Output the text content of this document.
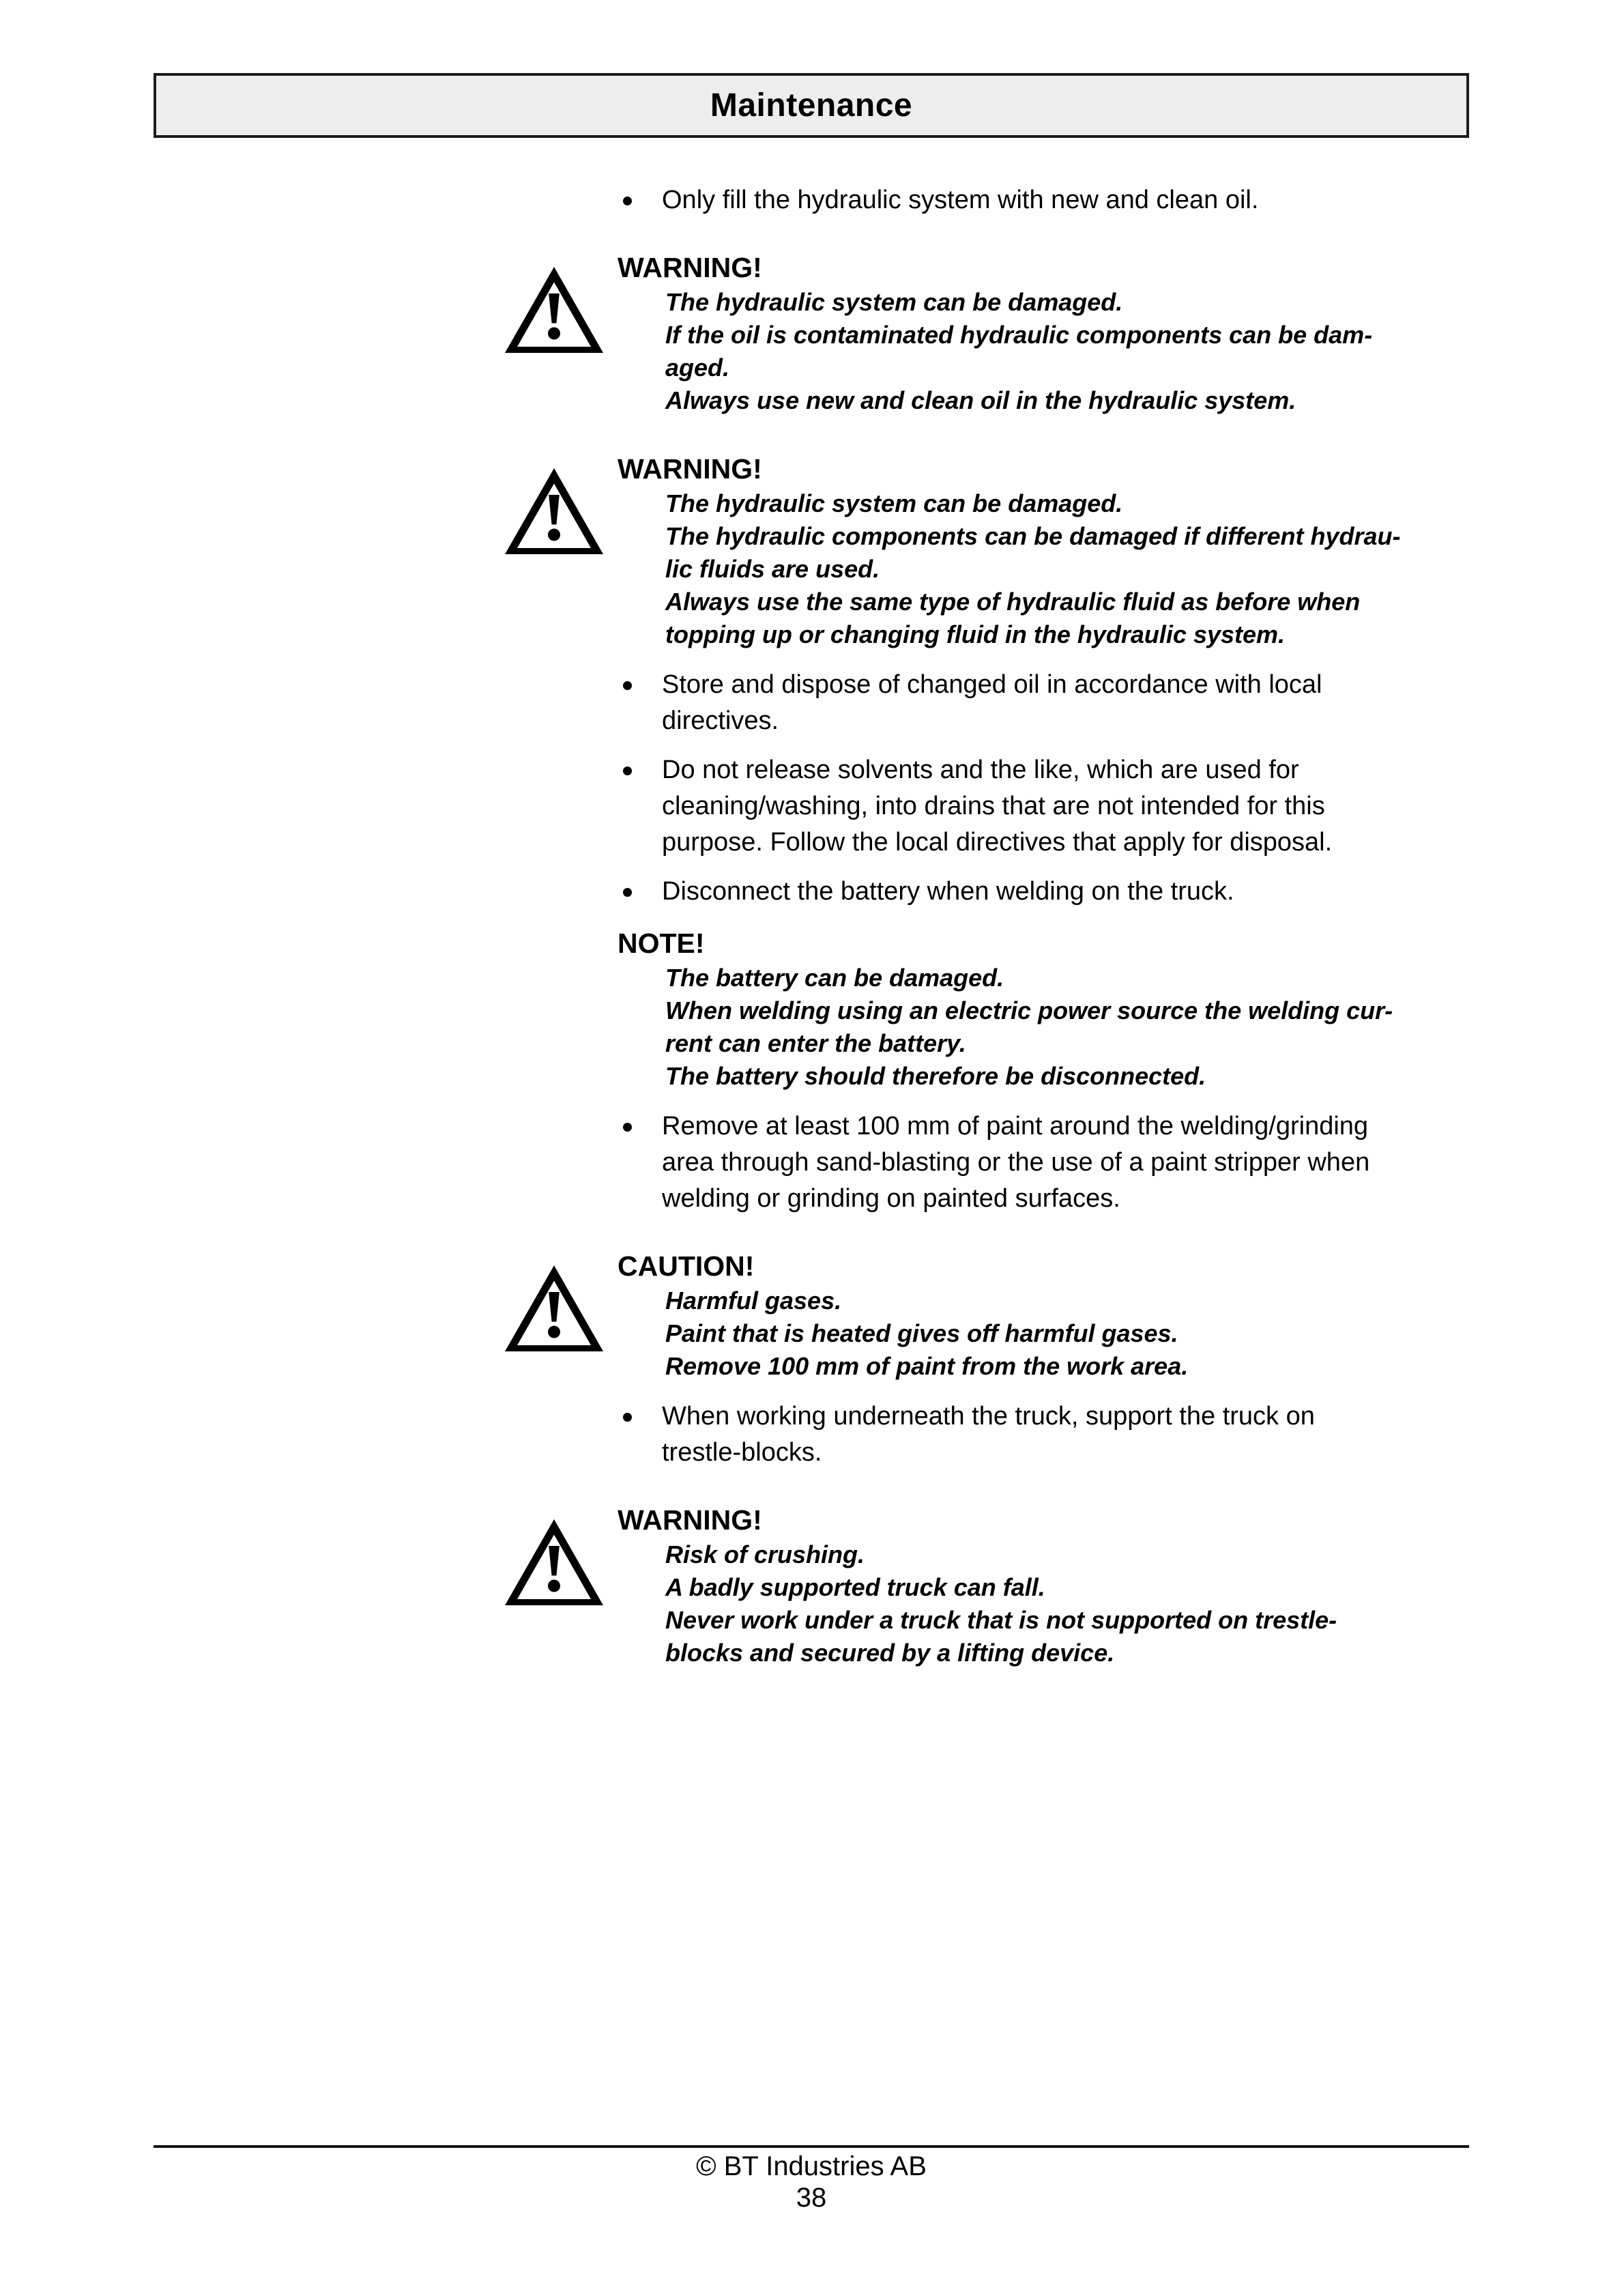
Maintenance
Only fill the hydraulic system with new and clean oil.
WARNING!
The hydraulic system can be damaged.
If the oil is contaminated hydraulic components can be dam-
aged.
Always use new and clean oil in the hydraulic system.
WARNING!
The hydraulic system can be damaged.
The hydraulic components can be damaged if different hydrau-
lic fluids are used.
Always use the same type of hydraulic fluid as before when
topping up or changing fluid in the hydraulic system.
Store and dispose of changed oil in accordance with local
directives.
Do not release solvents and the like, which are used for
cleaning/washing, into drains that are not intended for this
purpose. Follow the local directives that apply for disposal.
Disconnect the battery when welding on the truck.
NOTE!
The battery can be damaged.
When welding using an electric power source the welding cur-
rent can enter the battery.
The battery should therefore be disconnected.
Remove at least 100 mm of paint around the welding/grinding
area through sand-blasting or the use of a paint stripper when
welding or grinding on painted surfaces.
CAUTION!
Harmful gases.
Paint that is heated gives off harmful gases.
Remove 100 mm of paint from the work area.
When working underneath the truck, support the truck on
trestle-blocks.
WARNING!
Risk of crushing.
A badly supported truck can fall.
Never work under a truck that is not supported on trestle-
blocks and secured by a lifting device.
© BT Industries AB
38
